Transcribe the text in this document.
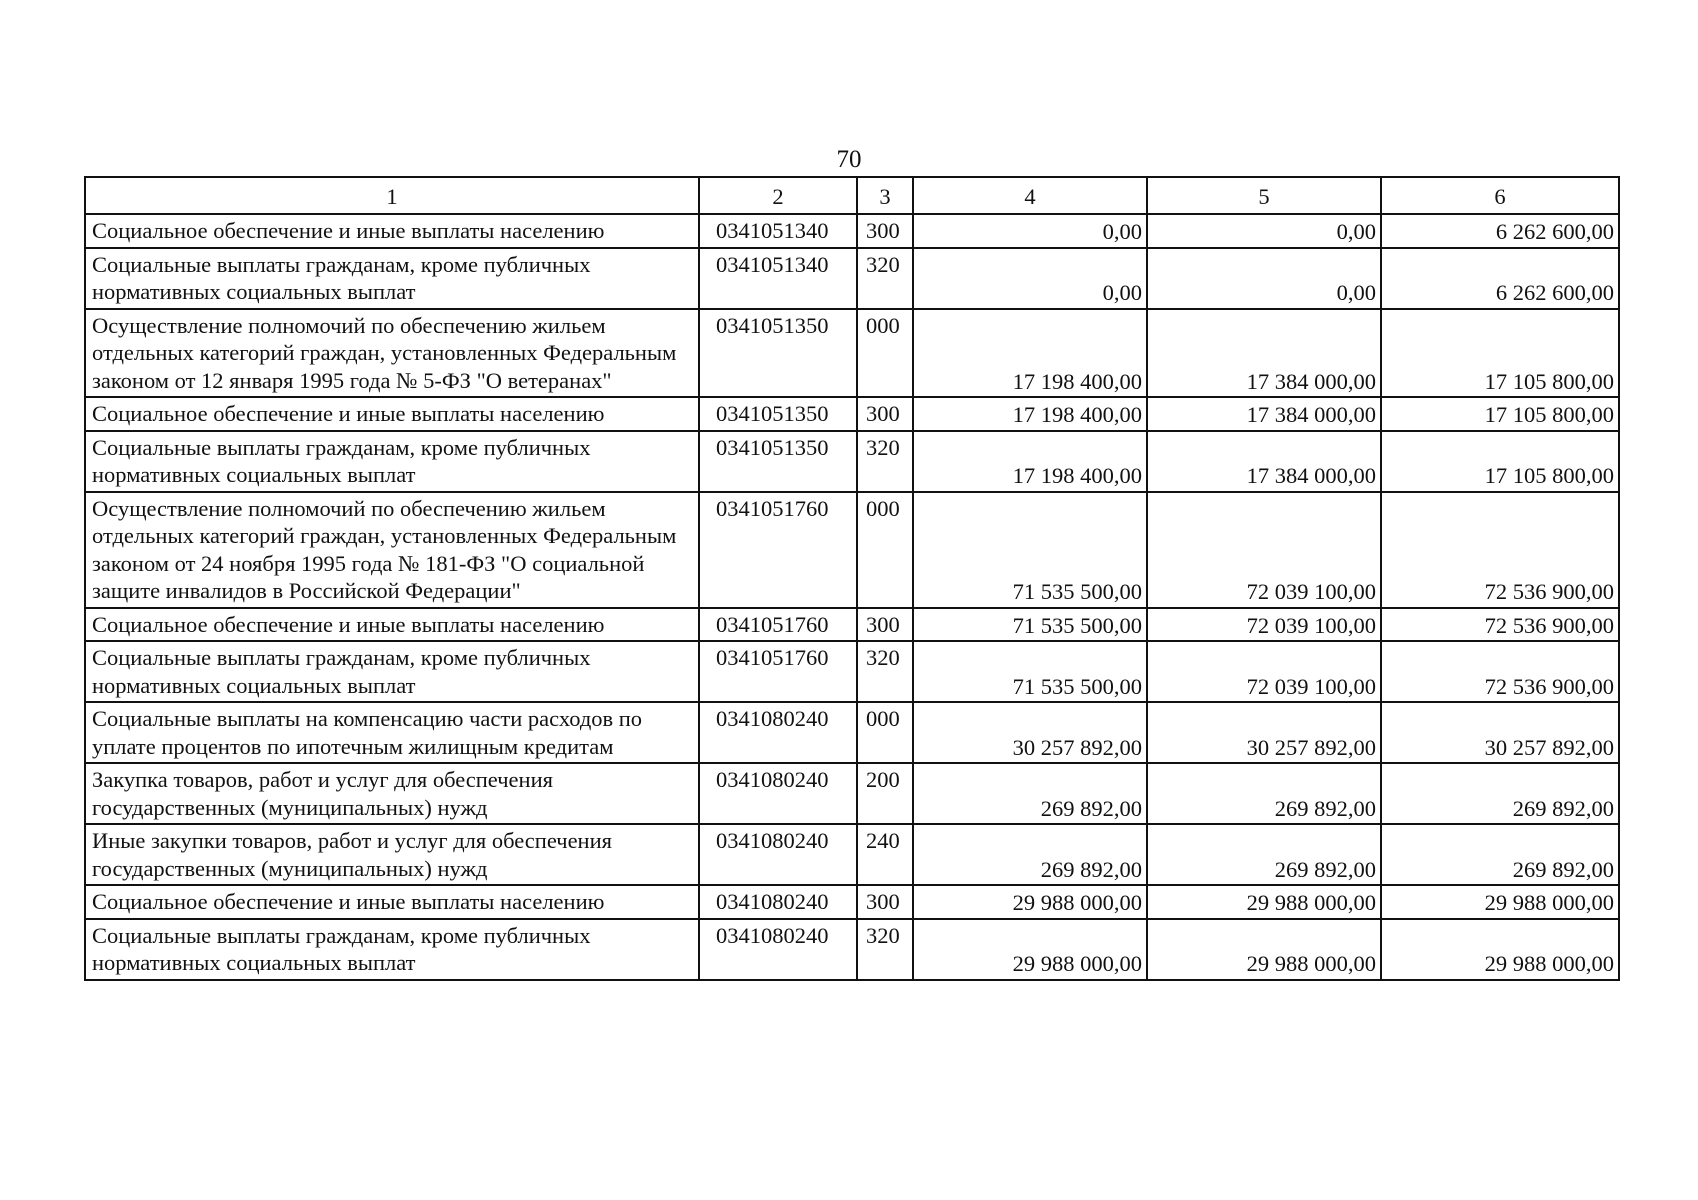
70
1	2	3	4	5	6
Социальное обеспечение и иные выплаты населению	0341051340	300	0,00	0,00	6 262 600,00
Социальные выплаты гражданам, кроме публичных нормативных социальных выплат	0341051340	320	0,00	0,00	6 262 600,00
Осуществление полномочий по обеспечению жильем отдельных категорий граждан, установленных Федеральным законом от 12 января 1995 года № 5-ФЗ "О ветеранах"	0341051350	000	17 198 400,00	17 384 000,00	17 105 800,00
Социальное обеспечение и иные выплаты населению	0341051350	300	17 198 400,00	17 384 000,00	17 105 800,00
Социальные выплаты гражданам, кроме публичных нормативных социальных выплат	0341051350	320	17 198 400,00	17 384 000,00	17 105 800,00
Осуществление полномочий по обеспечению жильем отдельных категорий граждан, установленных Федеральным законом от 24 ноября 1995 года № 181-ФЗ "О социальной защите инвалидов в Российской Федерации"	0341051760	000	71 535 500,00	72 039 100,00	72 536 900,00
Социальное обеспечение и иные выплаты населению	0341051760	300	71 535 500,00	72 039 100,00	72 536 900,00
Социальные выплаты гражданам, кроме публичных нормативных социальных выплат	0341051760	320	71 535 500,00	72 039 100,00	72 536 900,00
Социальные выплаты на компенсацию части расходов по уплате процентов по ипотечным жилищным кредитам	0341080240	000	30 257 892,00	30 257 892,00	30 257 892,00
Закупка товаров, работ и услуг для обеспечения государственных (муниципальных) нужд	0341080240	200	269 892,00	269 892,00	269 892,00
Иные закупки товаров, работ и услуг для обеспечения государственных (муниципальных) нужд	0341080240	240	269 892,00	269 892,00	269 892,00
Социальное обеспечение и иные выплаты населению	0341080240	300	29 988 000,00	29 988 000,00	29 988 000,00
Социальные выплаты гражданам, кроме публичных нормативных социальных выплат	0341080240	320	29 988 000,00	29 988 000,00	29 988 000,00
